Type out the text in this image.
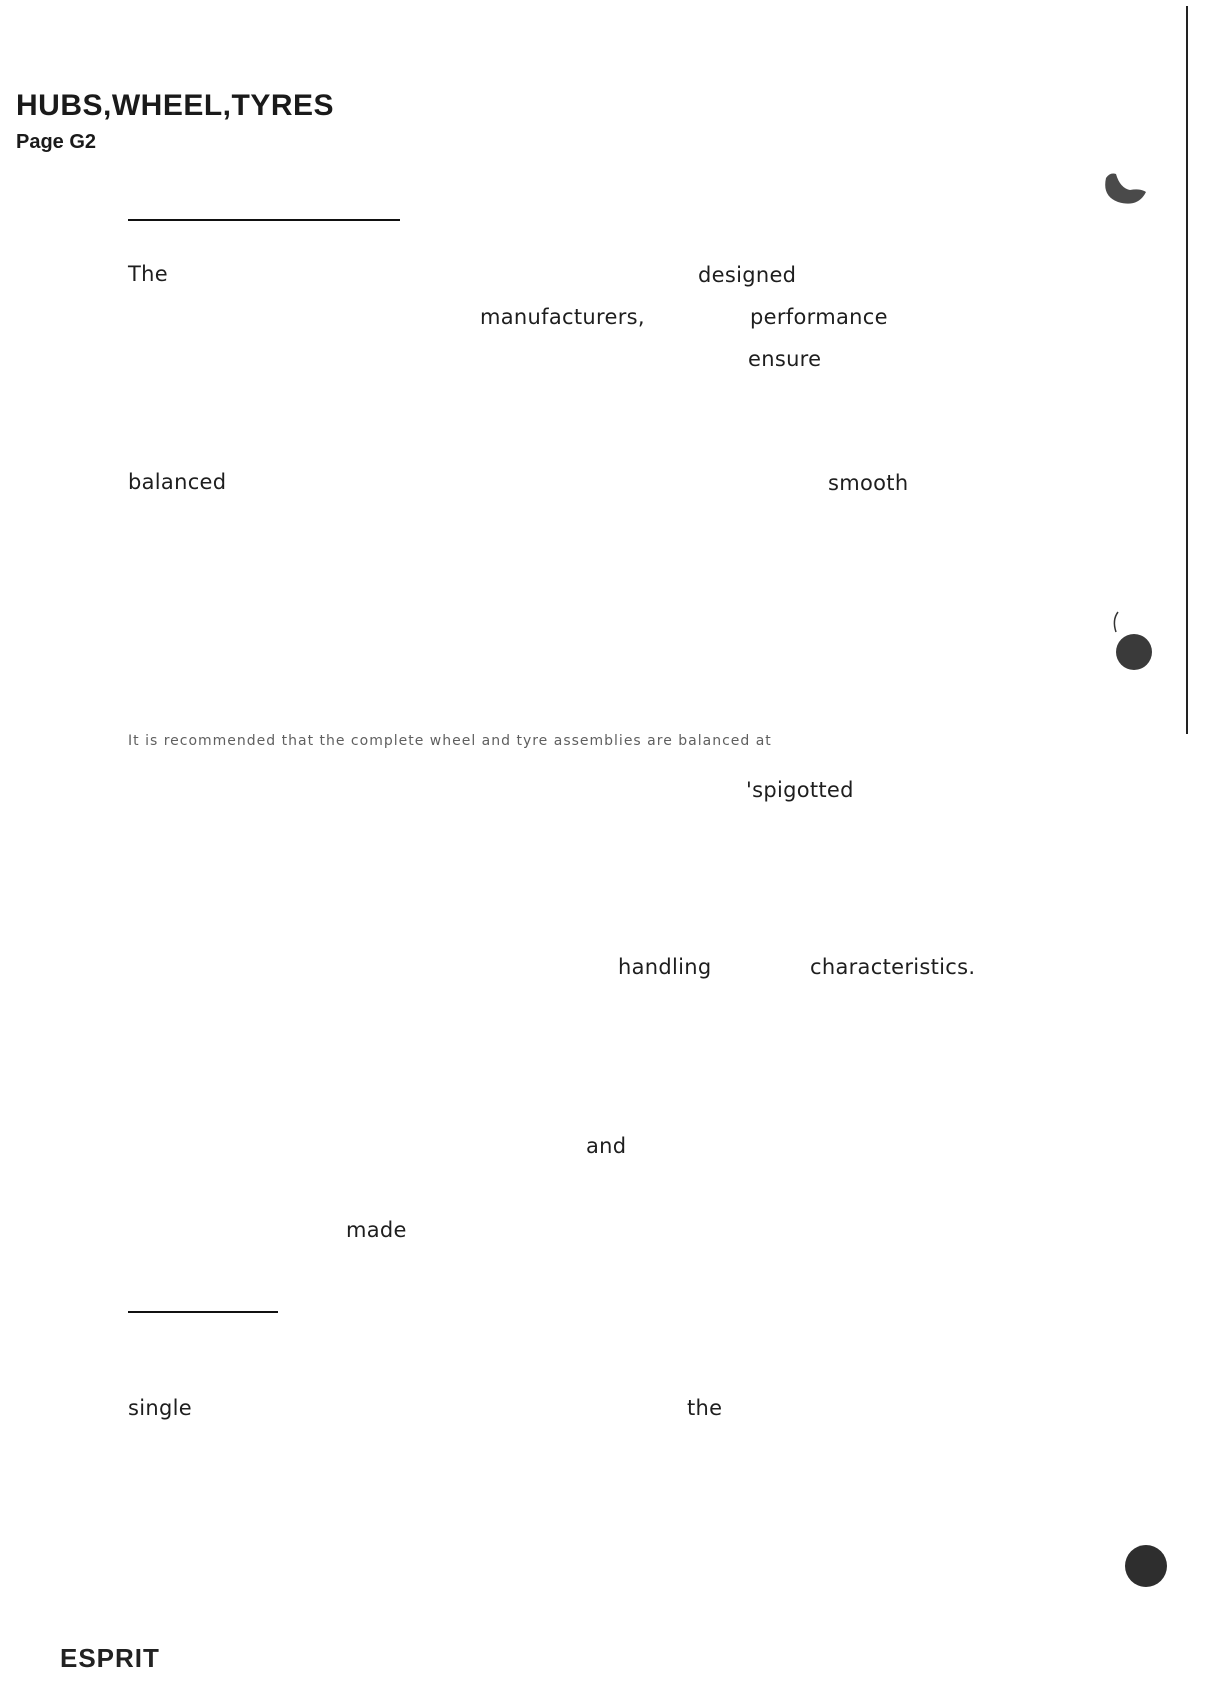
HUBS,WHEEL,TYRES
Page G2
The	designed
manufacturers,	performance
ensure
balanced	smooth
It is recommended that the complete wheel and tyre assemblies are balanced at
'spigotted
handling	characteristics.
and
made
single	the
ESPRIT
